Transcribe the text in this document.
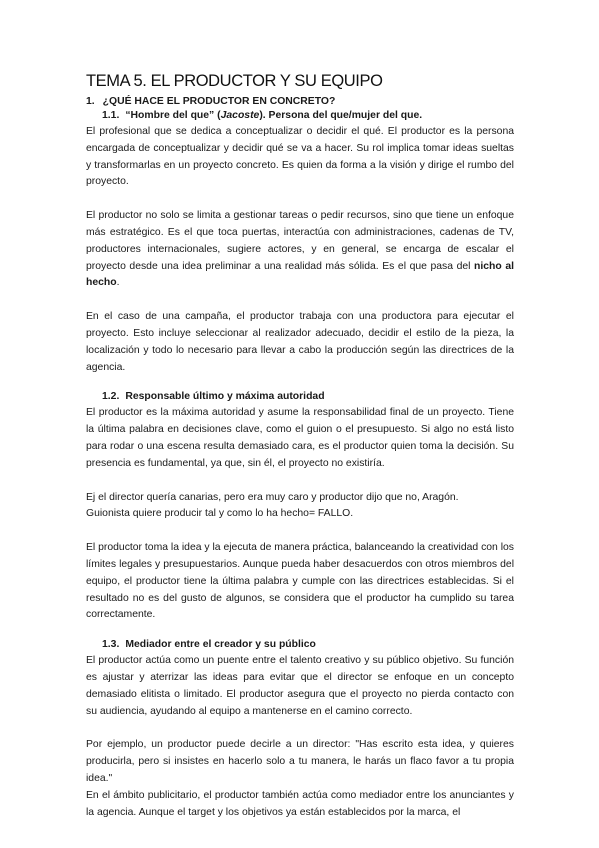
TEMA 5. EL PRODUCTOR Y SU EQUIPO
1. ¿QUÉ HACE EL PRODUCTOR EN CONCRETO?
1.1. “Hombre del que” (Jacoste). Persona del que/mujer del que.

El profesional que se dedica a conceptualizar o decidir el qué. El productor es la persona encargada de conceptualizar y decidir qué se va a hacer. Su rol implica tomar ideas sueltas y transformarlas en un proyecto concreto. Es quien da forma a la visión y dirige el rumbo del proyecto.

El productor no solo se limita a gestionar tareas o pedir recursos, sino que tiene un enfoque más estratégico. Es el que toca puertas, interactúa con administraciones, cadenas de TV, productores internacionales, sugiere actores, y en general, se encarga de escalar el proyecto desde una idea preliminar a una realidad más sólida. Es el que pasa del nicho al hecho.

En el caso de una campaña, el productor trabaja con una productora para ejecutar el proyecto. Esto incluye seleccionar al realizador adecuado, decidir el estilo de la pieza, la localización y todo lo necesario para llevar a cabo la producción según las directrices de la agencia.

1.2. Responsable último y máxima autoridad

El productor es la máxima autoridad y asume la responsabilidad final de un proyecto. Tiene la última palabra en decisiones clave, como el guion o el presupuesto. Si algo no está listo para rodar o una escena resulta demasiado cara, es el productor quien toma la decisión. Su presencia es fundamental, ya que, sin él, el proyecto no existiría.

Ej el director quería canarias, pero era muy caro y productor dijo que no, Aragón.
Guionista quiere producir tal y como lo ha hecho= FALLO.

El productor toma la idea y la ejecuta de manera práctica, balanceando la creatividad con los límites legales y presupuestarios. Aunque pueda haber desacuerdos con otros miembros del equipo, el productor tiene la última palabra y cumple con las directrices establecidas. Si el resultado no es del gusto de algunos, se considera que el productor ha cumplido su tarea correctamente.

1.3. Mediador entre el creador y su público

El productor actúa como un puente entre el talento creativo y su público objetivo. Su función es ajustar y aterrizar las ideas para evitar que el director se enfoque en un concepto demasiado elitista o limitado. El productor asegura que el proyecto no pierda contacto con su audiencia, ayudando al equipo a mantenerse en el camino correcto.

Por ejemplo, un productor puede decirle a un director: "Has escrito esta idea, y quieres producirla, pero si insistes en hacerlo solo a tu manera, le harás un flaco favor a tu propia idea."

En el ámbito publicitario, el productor también actúa como mediador entre los anunciantes y la agencia. Aunque el target y los objetivos ya están establecidos por la marca, el
